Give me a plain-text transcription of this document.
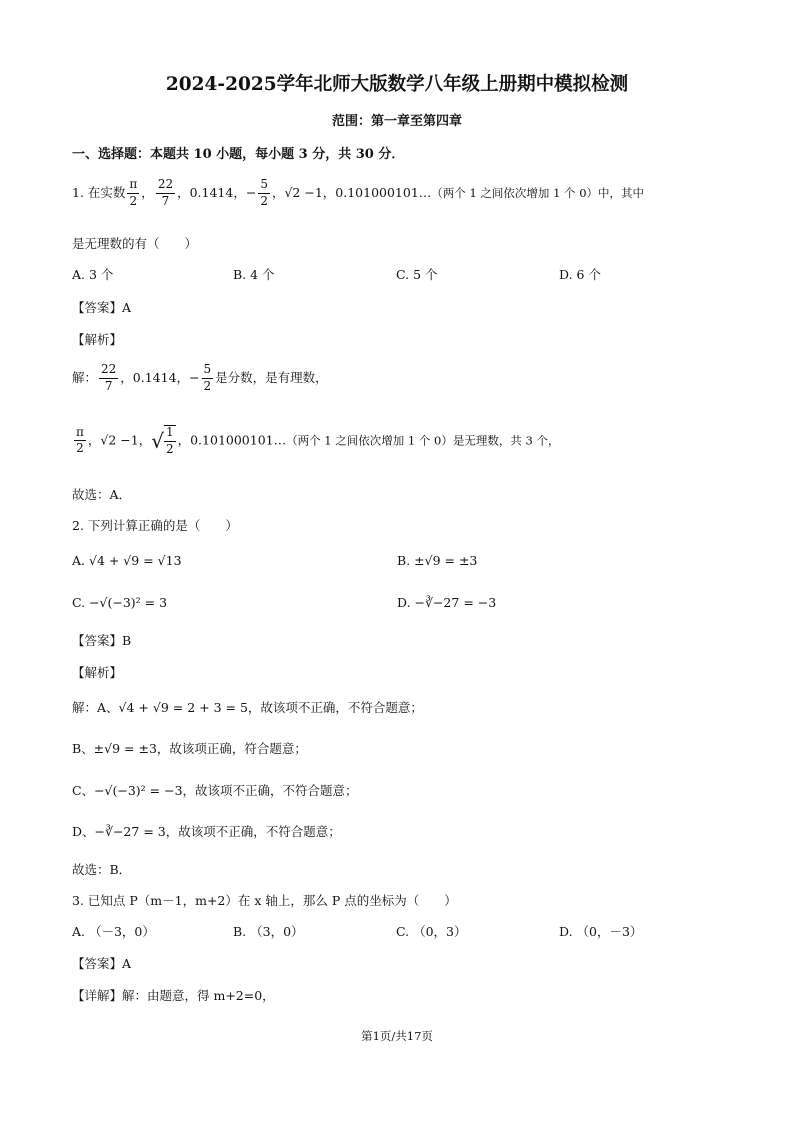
2024-2025学年北师大版数学八年级上册期中模拟检测
范围：第一章至第四章
一、选择题：本题共 10 小题，每小题 3 分，共 30 分．
1. 在实数 $\frac{\pi}{2}$ ， $\frac{22}{7}$ ，0.1414，− $\frac{5}{2}$ ，√2 −1，0.101000101…（两个 1 之间依次增加 1 个 0）中，其中
是无理数的有（　　）
A. 3 个	B. 4 个	C. 5 个	D. 6 个
【答案】A
【解析】
解： $\frac{22}{7}$ ，0.1414，− $\frac{5}{2}$ 是分数，是有理数，
$\frac{\pi}{2}$ ，√2 −1， √ $\frac{1}{2}$ ，0.101000101…（两个 1 之间依次增加 1 个 0）是无理数，共 3 个，
故选：A．
2. 下列计算正确的是（　　）
A. √4 + √9 = √13	B. ±√9 = ±3
C. −√(−3)² = 3	D. −∛−27 = −3
【答案】B
【解析】
解：A、√4 + √9 = 2 + 3 = 5，故该项不正确，不符合题意；
B、±√9 = ±3，故该项正确，符合题意；
C、−√(−3)² = −3，故该项不正确，不符合题意；
D、−∛−27 = 3，故该项不正确，不符合题意；
故选：B．
3. 已知点 P（m－1，m+2）在 x 轴上，那么 P 点的坐标为（　　）
A. （－3，0）	B. （3，0）	C. （0，3）	D. （0，－3）
【答案】A
【详解】解：由题意，得 m+2=0，
第1页/共17页
